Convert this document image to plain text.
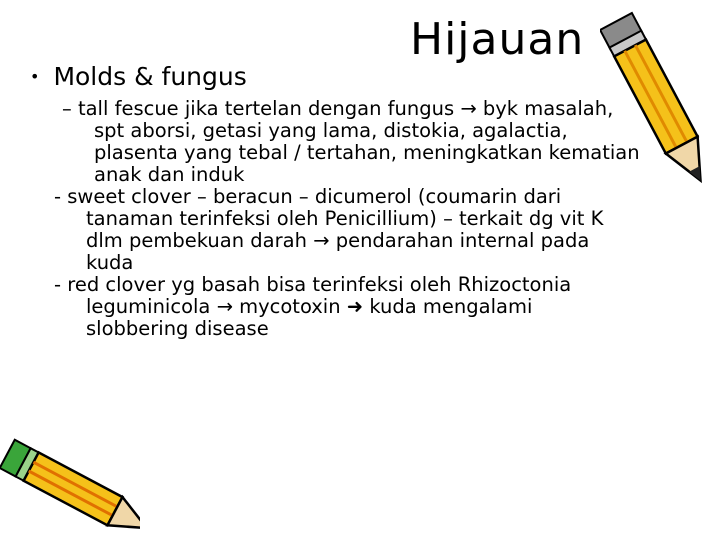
Hijauan
• Molds & fungus
– tall fescue jika tertelan dengan fungus → byk masalah,
spt aborsi, getasi yang lama, distokia, agalactia,
plasenta yang tebal / tertahan, meningkatkan kematian
anak dan induk
- sweet clover – beracun – dicumerol (coumarin dari
tanaman terinfeksi oleh Penicillium) – terkait dg vit K
dlm pembekuan darah → pendarahan internal pada
kuda
- red clover yg basah bisa terinfeksi oleh Rhizoctonia
leguminicola → mycotoxin ➜ kuda mengalami
slobbering disease
